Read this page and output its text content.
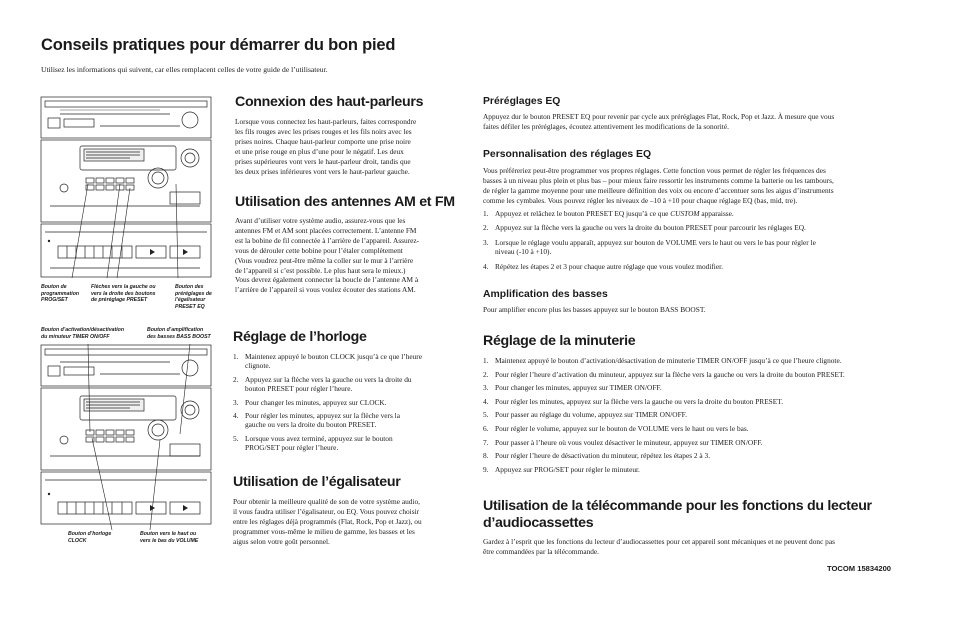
Conseils pratiques pour démarrer du bon pied
Utilisez les informations qui suivent, car elles remplacent celles de votre guide de l’utilisateur.
Bouton de
programmation
PROG/SET
Flèches vers la gauche ou
vers la droite des boutons
de préréglage PRESET
Bouton des
préréglages de
l’égalisateur
PRESET EQ
Bouton d’activation/désactivation
du minuteur TIMER ON/OFF
Bouton d’amplification
des basses BASS BOOST
Bouton d’horloge
CLOCK
Bouton vers le haut ou
vers le bas du VOLUME
Connexion des haut-parleurs
Lorsque vous connectez les haut-parleurs, faites correspondre
les fils rouges avec les prises rouges et les fils noirs avec les
prises noires. Chaque haut-parleur comporte une prise noire
et une prise rouge en plus d’une pour le négatif. Les deux
prises supérieures vont vers le haut-parleur droit, tandis que
les deux prises inférieures vont vers le haut-parleur gauche.
Utilisation des antennes AM et FM
Avant d’utiliser votre système audio, assurez-vous que les
antennes FM et AM sont placées correctement. L’antenne FM
est la bobine de fil connectée à l’arrière de l’appareil. Assurez-
vous de dérouler cette bobine pour l’étaler complètement
(Vous voudrez peut-être même la coller sur le mur à l’arrière
de l’appareil si c’est possible. Le plus haut sera le mieux.)
Vous devrez également connecter la boucle de l’antenne AM à
l’arrière de l’appareil si vous voulez écouter des stations AM.
Réglage de l’horloge
1. Maintenez appuyé le bouton CLOCK jusqu’à ce que l’heure
clignote.
2. Appuyez sur la flèche vers la gauche ou vers la droite du
bouton PRESET pour régler l’heure.
3. Pour changer les minutes, appuyez sur CLOCK.
4. Pour régler les minutes, appuyez sur la flèche vers la
gauche ou vers la droite du bouton PRESET.
5. Lorsque vous avez terminé, appuyez sur le bouton
PROG/SET pour régler l’heure.
Utilisation de l’égalisateur
Pour obtenir la meilleure qualité de son de votre système audio,
il vous faudra utiliser l’égalisateur, ou EQ. Vous pouvez choisir
entre les réglages déjà programmés (Flat, Rock, Pop et Jazz), ou
programmer vous-même le milieu de gamme, les basses et les
aigus selon votre goût personnel.
Préréglages EQ
Appuyez dur le bouton PRESET EQ pour revenir par cycle aux préréglages Flat, Rock, Pop et Jazz. À mesure que vous
faites défiler les préréglages, écoutez attentivement les modifications de la sonorité.
Personnalisation des réglages EQ
Vous préféreriez peut-être programmer vos propres réglages. Cette fonction vous permet de régler les fréquences des
basses à un niveau plus plein et plus bas – pour mieux faire ressortir les instruments comme la batterie ou les tambours,
de régler la gamme moyenne pour une meilleure définition des voix ou encore d’accentuer sons les aigus d’instruments
comme les cymbales. Vous pouvez régler les niveaux de –10 à +10 pour chaque réglage EQ (bas, mid, tre).
1. Appuyez et relâchez le bouton PRESET EQ jusqu’à ce que CUSTOM apparaisse.
2. Appuyez sur la flèche vers la gauche ou vers la droite du bouton PRESET pour parcourir les réglages EQ.
3. Lorsque le réglage voulu apparaît, appuyez sur bouton de VOLUME vers le haut ou vers le bas pour régler le
niveau (-10 à +10).
4. Répétez les étapes 2 et 3 pour chaque autre réglage que vous voulez modifier.
Amplification des basses
Pour amplifier encore plus les basses appuyez sur le bouton BASS BOOST.
Réglage de la minuterie
1. Maintenez appuyé le bouton d’activation/désactivation de minuterie TIMER ON/OFF jusqu’à ce que l’heure clignote.
2. Pour régler l’heure d’activation du minuteur, appuyez sur la flèche vers la gauche ou vers la droite du bouton PRESET.
3. Pour changer les minutes, appuyez sur TIMER ON/OFF.
4. Pour régler les minutes, appuyez sur la flèche vers la gauche ou vers la droite du bouton PRESET.
5. Pour passer au réglage du volume, appuyez sur TIMER ON/OFF.
6. Pour régler le volume, appuyez sur le bouton de VOLUME vers le haut ou vers le bas.
7. Pour passer à l’heure où vous voulez désactiver le minuteur, appuyez sur TIMER ON/OFF.
8. Pour régler l’heure de désactivation du minuteur, répétez les étapes 2 à 3.
9. Appuyez sur PROG/SET pour régler le minuteur.
Utilisation de la télécommande pour les fonctions du lecteur
d’audiocassettes
Gardez à l’esprit que les fonctions du lecteur d’audiocassettes pour cet appareil sont mécaniques et ne peuvent donc pas
être commandées par la télécommande.
TOCOM 15834200
